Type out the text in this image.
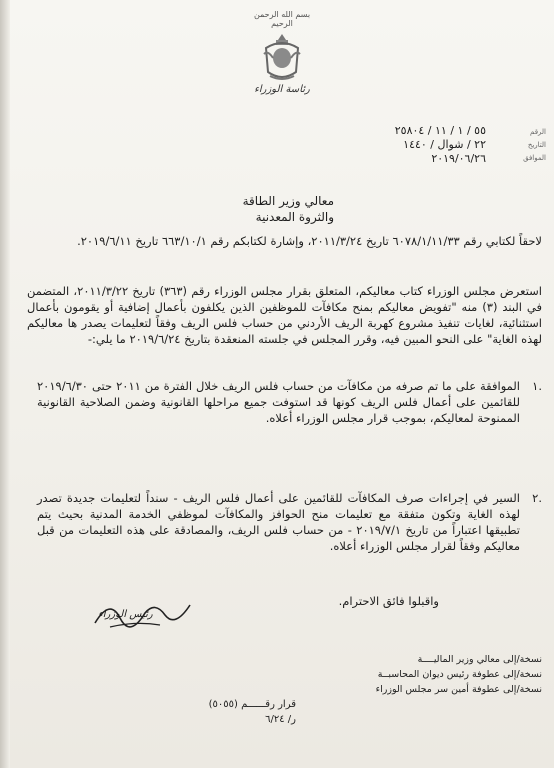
بسم الله الرحمن الرحيم
رئاسة الوزراء
الرقم
التاريخ
الموافق
٥٥ / ١ / ١١ / ٢٥٨٠٤
٢٢ / شوال / ١٤٤٠
٢٠١٩/٠٦/٢٦
معالي وزير الطاقة
والثروة المعدنية
لاحقاً لكتابي رقم ٦٠٧٨/١/١١/٣٣ تاريخ ٢٠١١/٣/٢٤، وإشارة لكتابكم رقم ٦٦٣/١٠/١ تاريخ ٢٠١٩/٦/١١.
استعرض مجلس الوزراء كتاب معاليكم، المتعلق بقرار مجلس الوزراء رقم (٣٦٣) تاريخ ٢٠١١/٣/٢٢، المتضمن في البند (٣) منه "تفويض معاليكم بمنح مكافآت للموظفين الذين يكلفون بأعمال إضافية أو يقومون بأعمال استثنائية، لغايات تنفيذ مشروع كهربة الريف الأردني من حساب فلس الريف وفقاً لتعليمات يصدر ها معاليكم لهذه الغاية" على النحو المبين فيه، وقرر المجلس في جلسته المنعقدة بتاريخ ٢٠١٩/٦/٢٤ ما يلي:-
.١
الموافقة على ما تم صرفه من مكافآت من حساب فلس الريف خلال الفترة من ٢٠١١ حتى ٢٠١٩/٦/٣٠ للقائمين على أعمال فلس الريف كونها قد استوفت جميع مراحلها القانونية وضمن الصلاحية القانونية الممنوحة لمعاليكم، بموجب قرار مجلس الوزراء أعلاه.
.٢
السير في إجراءات صرف المكافآت للقائمين على أعمال فلس الريف - سنداً لتعليمات جديدة تصدر لهذه الغاية وتكون متفقة مع تعليمات منح الحوافز والمكافآت لموظفي الخدمة المدنية بحيث يتم تطبيقها اعتباراً من تاريخ ٢٠١٩/٧/١ - من حساب فلس الريف، والمصادقة على هذه التعليمات من قبل معاليكم وفقاً لقرار مجلس الوزراء أعلاه.
واقبلوا فائق الاحترام.
رئيس الوزراء
نسخة/إلى معالي وزير الماليــــة
نسخة/إلى عطوفة رئيس ديوان المحاسبــة
نسخة/إلى عطوفة أمين سر مجلس الوزراء
قرار رقــــــم (٥٠٥٥)
ر/ ٦/٢٤
